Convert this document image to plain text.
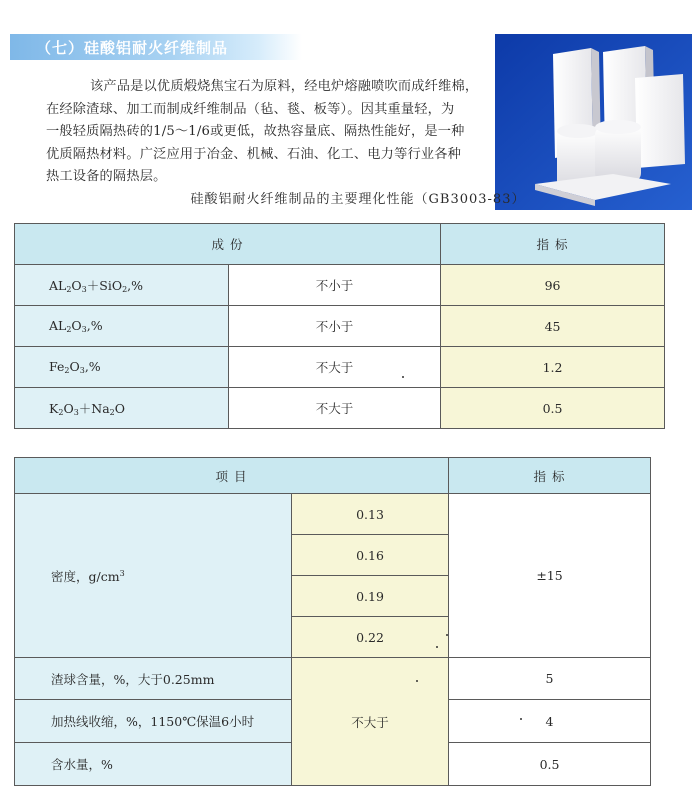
（七）硅酸铝耐火纤维制品
该产品是以优质煅烧焦宝石为原料，经电炉熔融喷吹而成纤维棉，
在经除渣球、加工而制成纤维制品（毡、毯、板等）。因其重量轻，为
一般轻质隔热砖的1/5～1/6或更低，故热容量底、隔热性能好，是一种
优质隔热材料。广泛应用于冶金、机械、石油、化工、电力等行业各种
热工设备的隔热层。
硅酸铝耐火纤维制品的主要理化性能（GB3003-83）
成 份		指 标
$AL_2O_3+SiO_2,\%$	不小于	96
$AL_2O_3,\%$	不小于	45
$Fe_2O_3,\%$	不大于	1.2
$K_2O_3+Na_2O$	不大于	0.5
项 目		指 标
密度，$g/cm^3$	0.13	±15
	0.16	
	0.19	
	0.22	
渣球含量，%，大于0.25mm	不大于	5
加热线收缩，%，1150℃保温6小时		4
含水量，%		0.5
